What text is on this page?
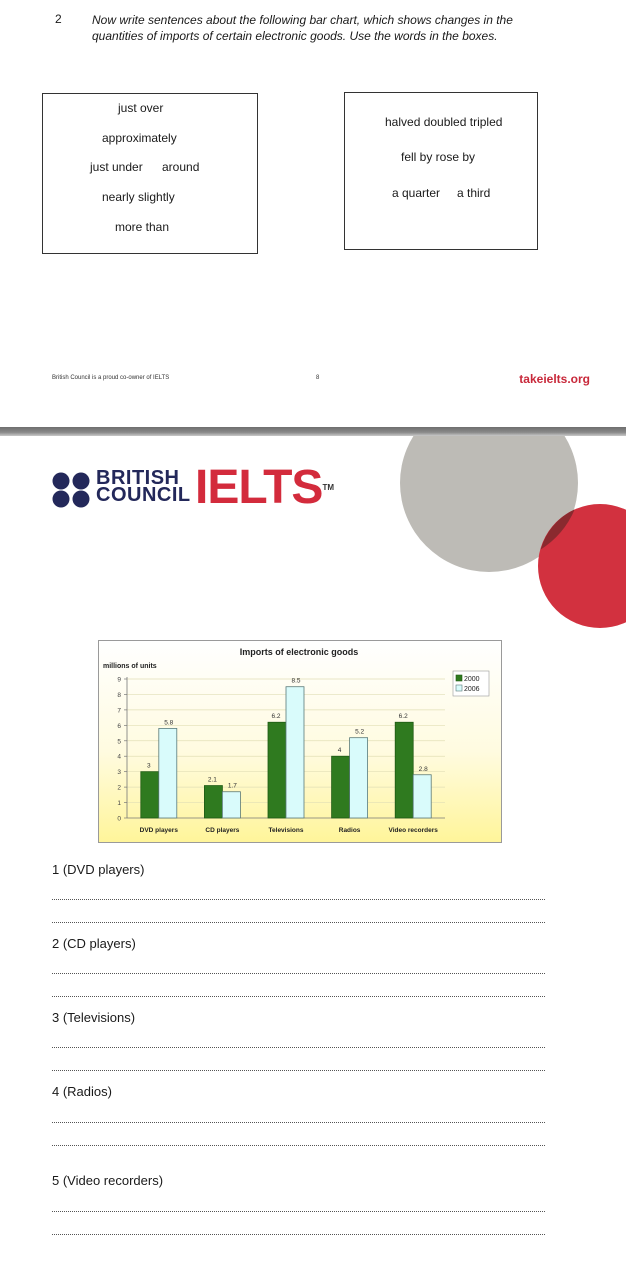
2	Now write sentences about the following bar chart, which shows changes in the quantities of imports of certain electronic goods. Use the words in the boxes.
just over
approximately
just under around
nearly slightly
more than
halved doubled tripled
fell by rose by
a quarter a third
British Council is a proud co-owner of IELTS	8	takeielts.org
BRITISH
COUNCIL IELTS™
Imports of electronic goods
millions of units
0
1
2
3
4
5
6
7
8
9
3
5.8
DVD players
2.1
1.7
CD players
6.2
8.5
Televisions
4
5.2
Radios
6.2
2.8
Video recorders
2000
2006
1 (DVD players)
2 (CD players)
3 (Televisions)
4 (Radios)
5 (Video recorders)
